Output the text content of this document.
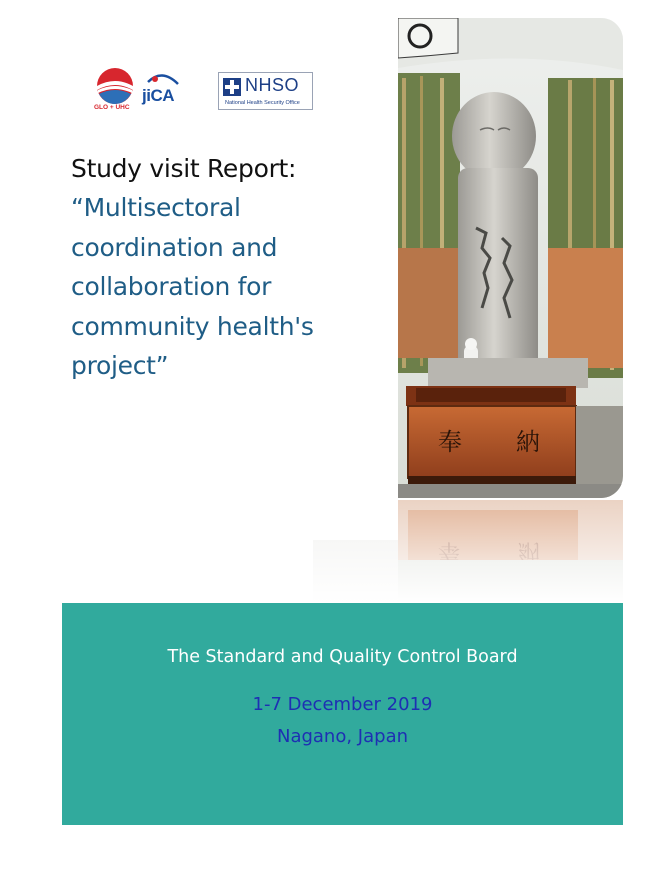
GLO + UHC
jiCA
NHSO
National Health Security Office
Study visit Report:
“Multisectoral
coordination and
collaboration for
community health's
project”
奉 納
The Standard and Quality Control Board
1-7 December 2019
Nagano, Japan
